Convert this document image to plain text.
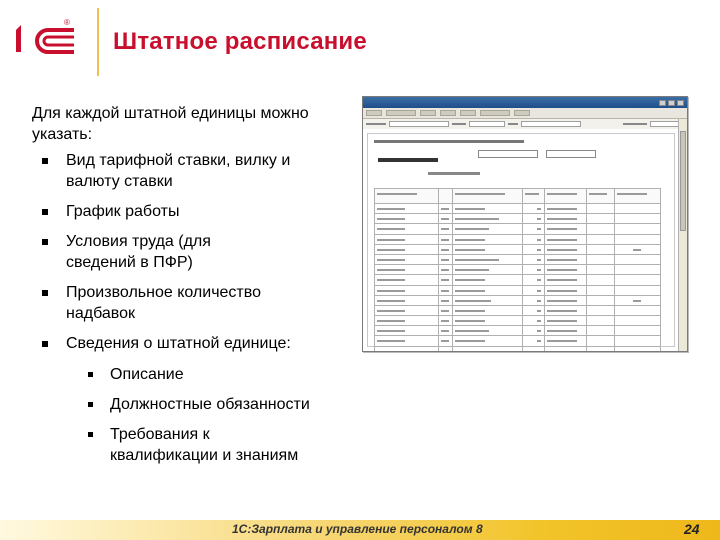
®
Штатное расписание
Для каждой штатной единицы можно указать:
Вид тарифной ставки, вилку и валюту ставки
График работы
Условия труда (для сведений в ПФР)
Произвольное количество надбавок
Сведения о штатной единице:
Описание
Должностные обязанности
Требования к квалификации и знаниям

1С:Зарплата и управление персоналом 8	24
